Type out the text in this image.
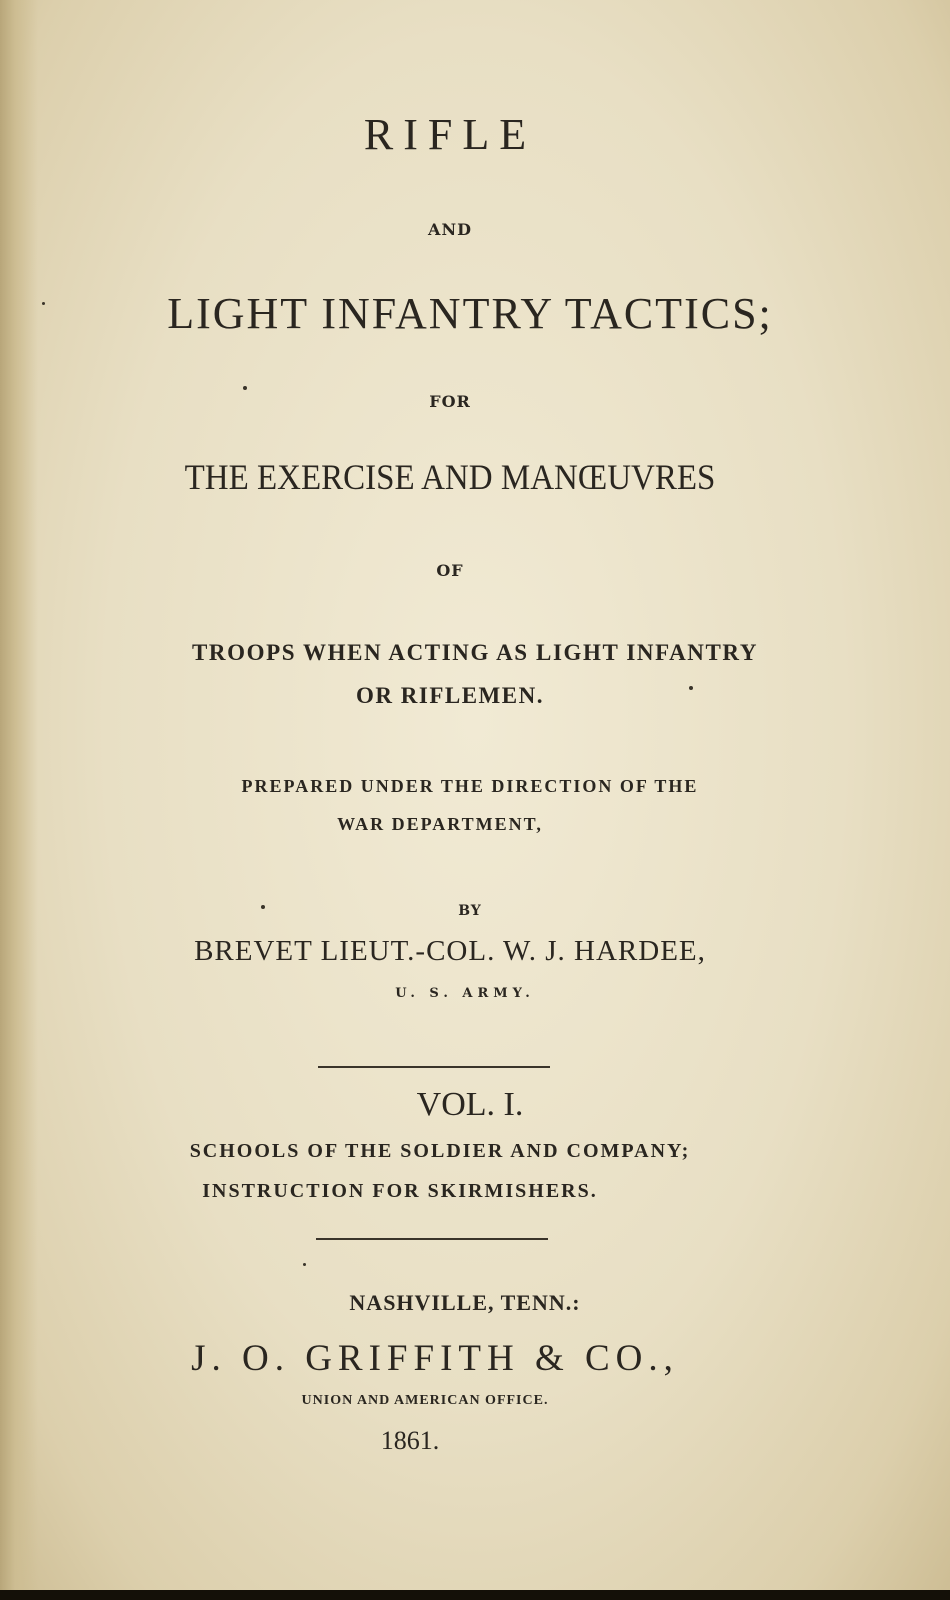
RIFLE
AND
LIGHT INFANTRY TACTICS;
FOR
THE EXERCISE AND MANŒUVRES
OF
TROOPS WHEN ACTING AS LIGHT INFANTRY
OR RIFLEMEN.
PREPARED UNDER THE DIRECTION OF THE
WAR DEPARTMENT,
BY
BREVET LIEUT.-COL. W. J. HARDEE,
U. S. ARMY.
VOL. I.
SCHOOLS OF THE SOLDIER AND COMPANY;
INSTRUCTION FOR SKIRMISHERS.
NASHVILLE, TENN.:
J. O. GRIFFITH & CO.,
UNION AND AMERICAN OFFICE.
1861.
